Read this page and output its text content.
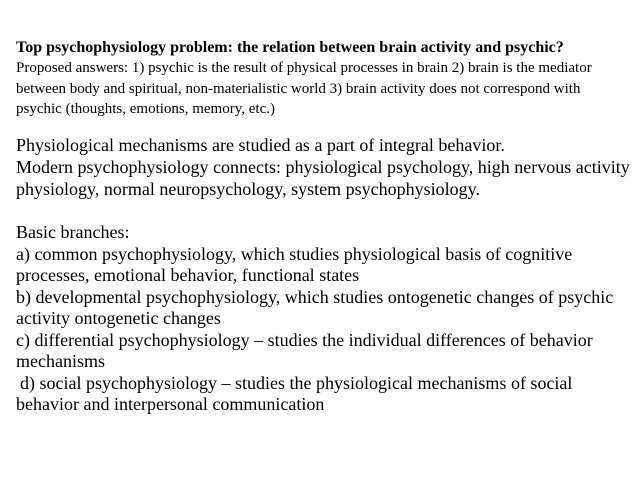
Top psychophysiology problem: the relation between brain activity and psychic?
Proposed answers: 1) psychic is the result of physical processes in brain 2) brain is the mediator
between body and spiritual, non-materialistic world 3) brain activity does not correspond with
psychic (thoughts, emotions, memory, etc.)
Physiological mechanisms are studied as a part of integral behavior.
Modern psychophysiology connects: physiological psychology, high nervous activity
physiology, normal neuropsychology, system psychophysiology.
Basic branches:
a) common psychophysiology, which studies physiological basis of cognitive
processes, emotional behavior, functional states
b) developmental psychophysiology, which studies ontogenetic changes of psychic
activity ontogenetic changes
c) differential psychophysiology – studies the individual differences of behavior
mechanisms
d) social psychophysiology – studies the physiological mechanisms of social
behavior and interpersonal communication
